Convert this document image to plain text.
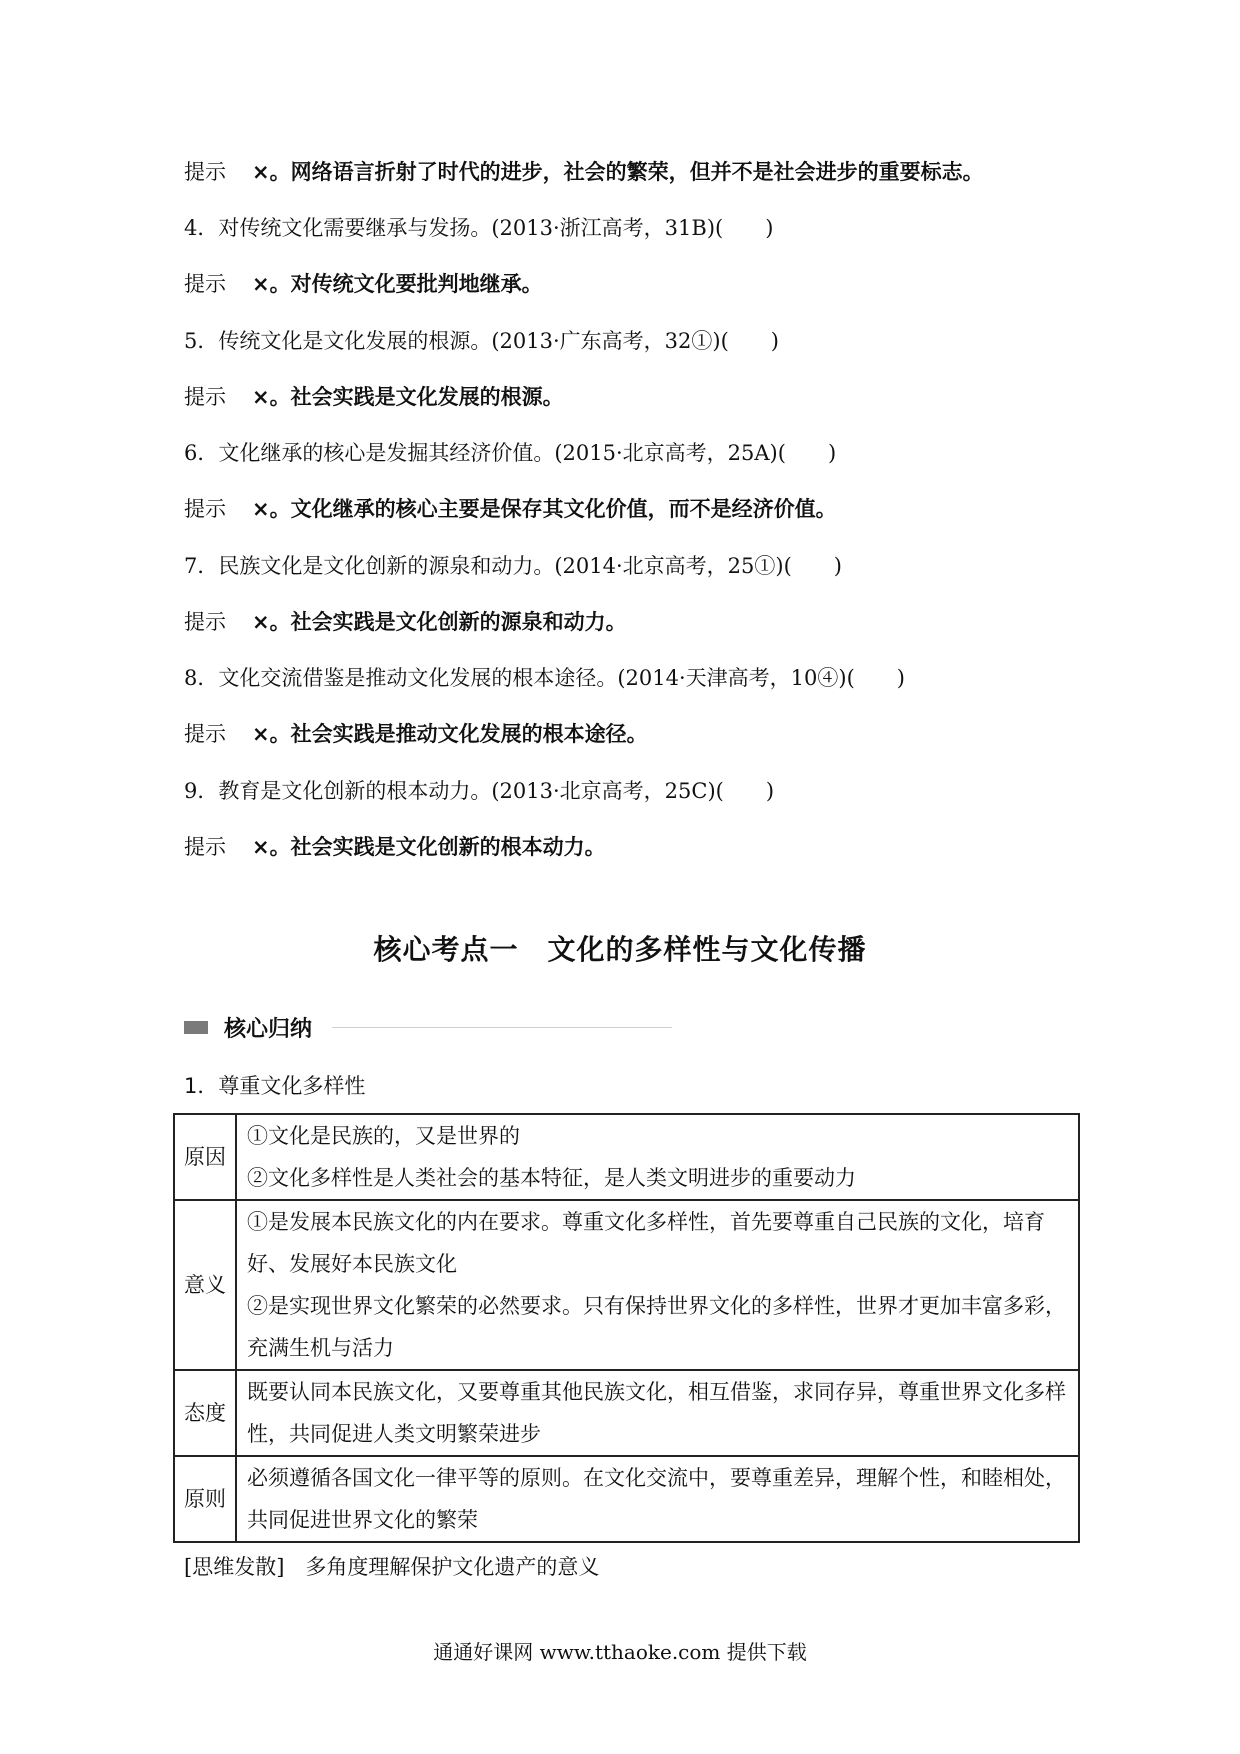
提示 ×。网络语言折射了时代的进步，社会的繁荣，但并不是社会进步的重要标志。
4．对传统文化需要继承与发扬。(2013·浙江高考，31B)(　　)
提示 ×。对传统文化要批判地继承。
5．传统文化是文化发展的根源。(2013·广东高考，32①)(　　)
提示 ×。社会实践是文化发展的根源。
6．文化继承的核心是发掘其经济价值。(2015·北京高考，25A)(　　)
提示 ×。文化继承的核心主要是保存其文化价值，而不是经济价值。
7．民族文化是文化创新的源泉和动力。(2014·北京高考，25①)(　　)
提示 ×。社会实践是文化创新的源泉和动力。
8．文化交流借鉴是推动文化发展的根本途径。(2014·天津高考，10④)(　　)
提示 ×。社会实践是推动文化发展的根本途径。
9．教育是文化创新的根本动力。(2013·北京高考，25C)(　　)
提示 ×。社会实践是文化创新的根本动力。
核心考点一　文化的多样性与文化传播
核心归纳
1．尊重文化多样性
原因	①文化是民族的，又是世界的
②文化多样性是人类社会的基本特征，是人类文明进步的重要动力

意义	①是发展本民族文化的内在要求。尊重文化多样性，首先要尊重自己民族的文化，培育好、发展好本民族文化
②是实现世界文化繁荣的必然要求。只有保持世界文化的多样性，世界才更加丰富多彩，充满生机与活力

态度	既要认同本民族文化，又要尊重其他民族文化，相互借鉴，求同存异，尊重世界文化多样性，共同促进人类文明繁荣进步

原则	必须遵循各国文化一律平等的原则。在文化交流中，要尊重差异，理解个性，和睦相处，共同促进世界文化的繁荣
[思维发散]　 多角度理解保护文化遗产的意义
通通好课网 www.tthaoke.com 提供下载
